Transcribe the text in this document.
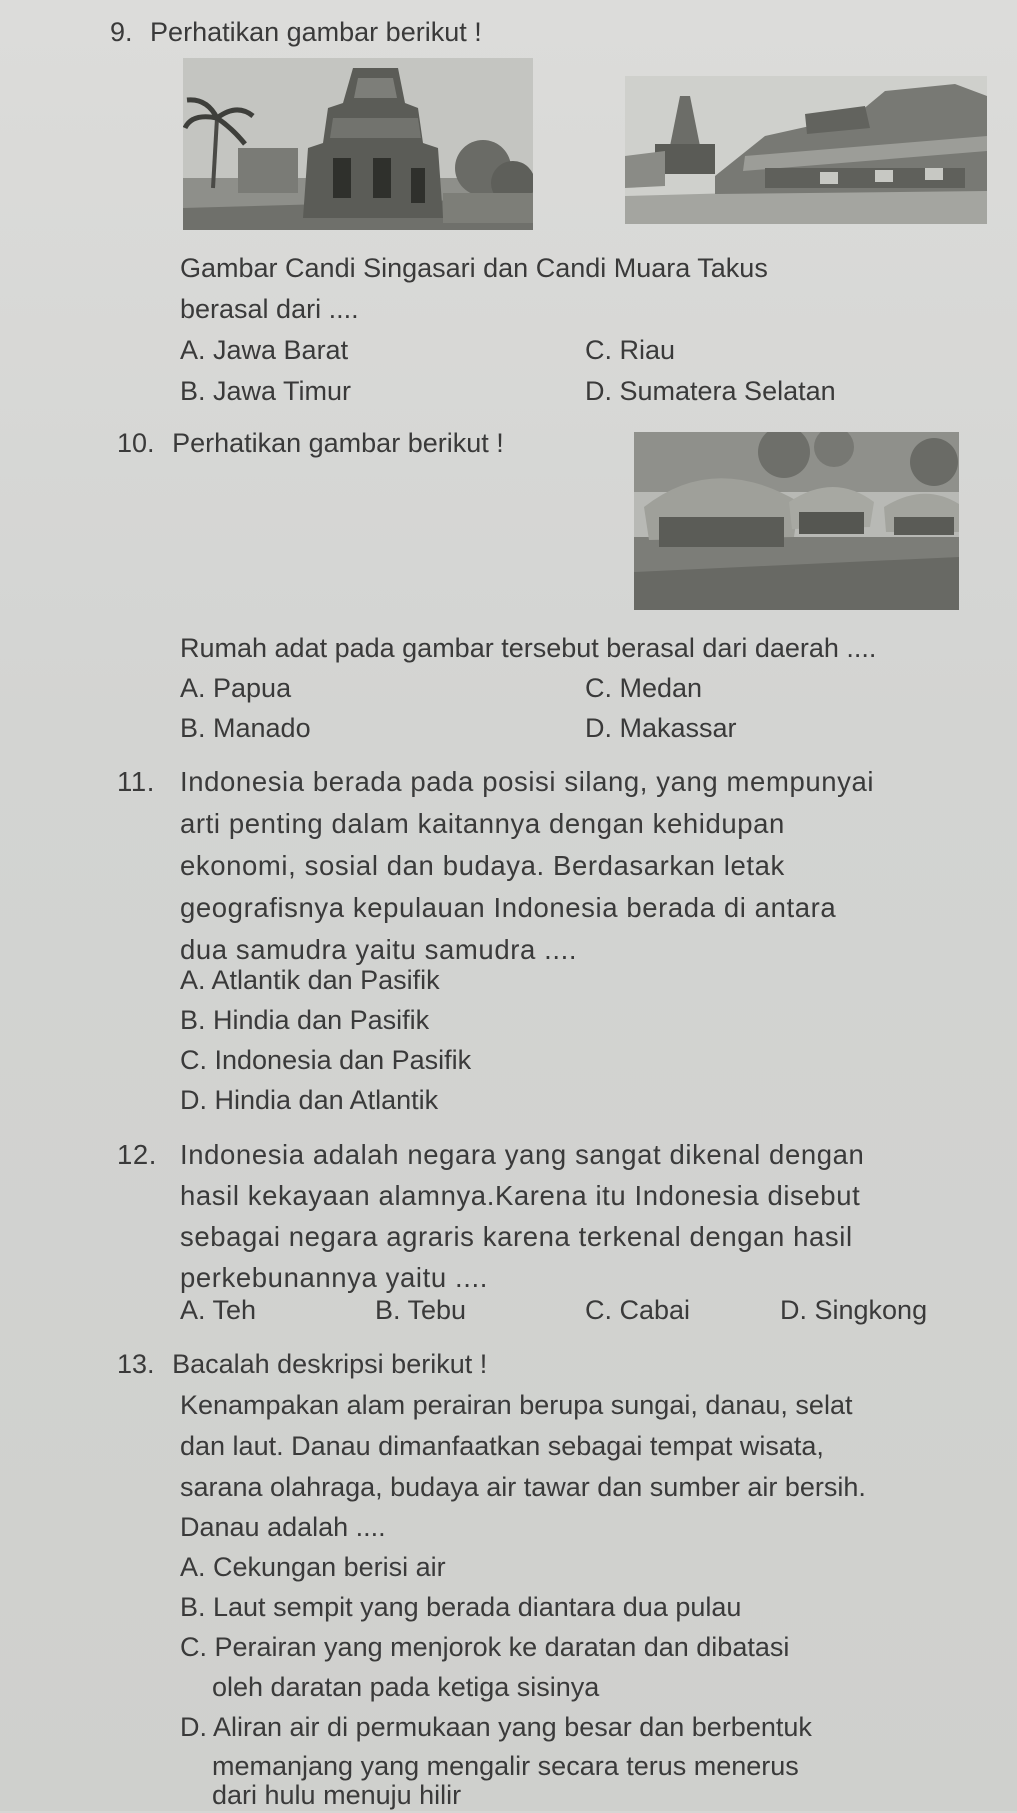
9. Perhatikan gambar berikut !
Gambar Candi Singasari dan Candi Muara Takus
berasal dari ....
A. Jawa Barat	C. Riau
B. Jawa Timur	D. Sumatera Selatan
10. Perhatikan gambar berikut !
Rumah adat pada gambar tersebut berasal dari daerah ....
A. Papua	C. Medan
B. Manado	D. Makassar
11. Indonesia berada pada posisi silang, yang mempunyai
arti penting dalam kaitannya dengan kehidupan
ekonomi, sosial dan budaya. Berdasarkan letak
geografisnya kepulauan Indonesia berada di antara
dua samudra yaitu samudra ....
A. Atlantik dan Pasifik
B. Hindia dan Pasifik
C. Indonesia dan Pasifik
D. Hindia dan Atlantik
12. Indonesia adalah negara yang sangat dikenal dengan
hasil kekayaan alamnya.Karena itu Indonesia disebut
sebagai negara agraris karena terkenal dengan hasil
perkebunannya yaitu ....
A. Teh	B. Tebu	C. Cabai	D. Singkong
13. Bacalah deskripsi berikut !
Kenampakan alam perairan berupa sungai, danau, selat
dan laut. Danau dimanfaatkan sebagai tempat wisata,
sarana olahraga, budaya air tawar dan sumber air bersih.
Danau adalah ....
A. Cekungan berisi air
B. Laut sempit yang berada diantara dua pulau
C. Perairan yang menjorok ke daratan dan dibatasi
oleh daratan pada ketiga sisinya
D. Aliran air di permukaan yang besar dan berbentuk
memanjang yang mengalir secara terus menerus
dari hulu menuju hilir
